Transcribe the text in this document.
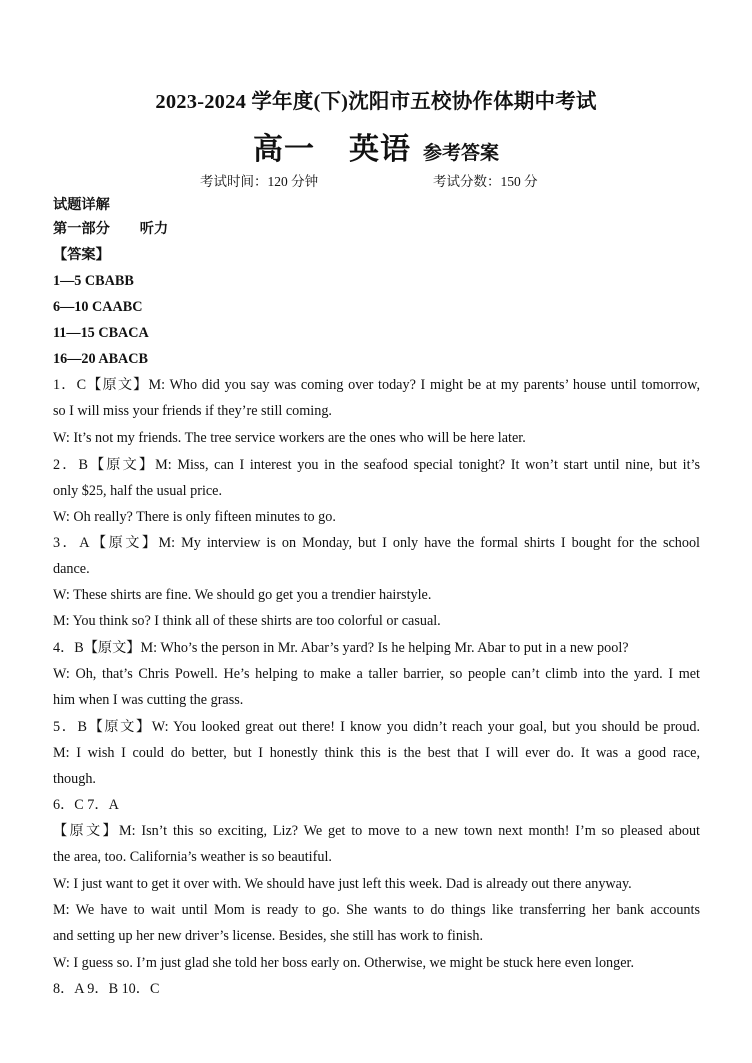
2023-2024 学年度(下)沈阳市五校协作体期中考试
高一 英语 参考答案
考试时间：120 分钟	考试分数：150 分
试题详解
第一部分 听力
【答案】
1—5 CBABB
6—10 CAABC
11—15 CBACA
16—20 ABACB
1．C【原文】M: Who did you say was coming over today? I might be at my parents’ house until tomorrow,
so I will miss your friends if they’re still coming.
W: It’s not my friends. The tree service workers are the ones who will be here later.
2．B【原文】M: Miss, can I interest you in the seafood special tonight? It won’t start until nine, but it’s
only $25, half the usual price.
W: Oh really? There is only fifteen minutes to go.
3．A【原文】M: My interview is on Monday, but I only have the formal shirts I bought for the school
dance.
W: These shirts are fine. We should go get you a trendier hairstyle.
M: You think so? I think all of these shirts are too colorful or casual.
4．B【原文】M: Who’s the person in Mr. Abar’s yard? Is he helping Mr. Abar to put in a new pool?
W: Oh, that’s Chris Powell. He’s helping to make a taller barrier, so people can’t climb into the yard. I met
him when I was cutting the grass.
5．B【原文】W: You looked great out there! I know you didn’t reach your goal, but you should be proud.
M: I wish I could do better, but I honestly think this is the best that I will ever do. It was a good race,
though.
6．C 7．A
【原文】M: Isn’t this so exciting, Liz? We get to move to a new town next month! I’m so pleased about
the area, too. California’s weather is so beautiful.
W: I just want to get it over with. We should have just left this week. Dad is already out there anyway.
M: We have to wait until Mom is ready to go. She wants to do things like transferring her bank accounts
and setting up her new driver’s license. Besides, she still has work to finish.
W: I guess so. I’m just glad she told her boss early on. Otherwise, we might be stuck here even longer.
8．A 9．B 10．C
